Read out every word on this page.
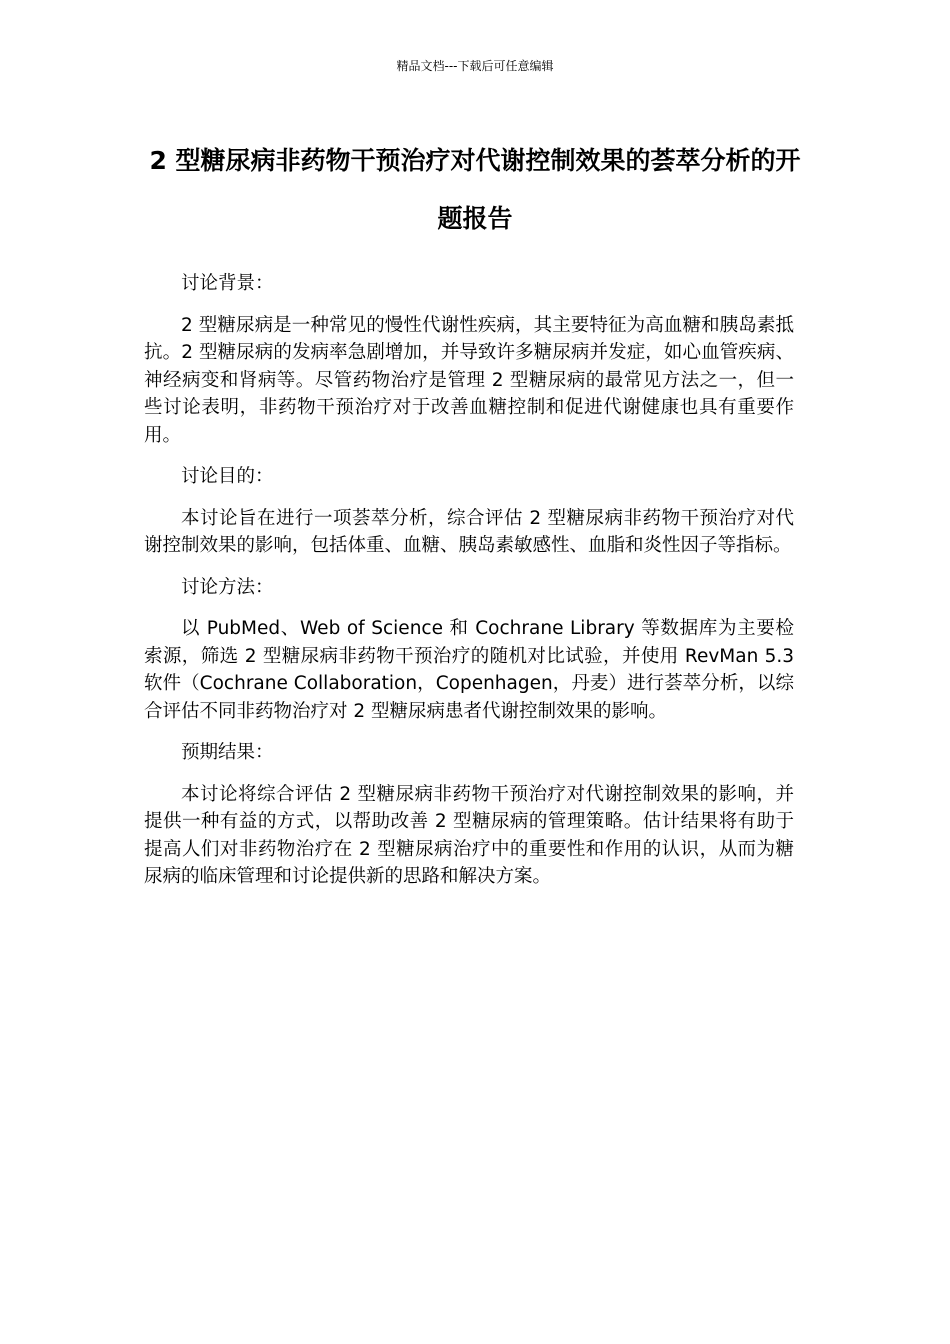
精品文档---下载后可任意编辑
2 型糖尿病非药物干预治疗对代谢控制效果的荟萃分析的开题报告

讨论背景：

2 型糖尿病是一种常见的慢性代谢性疾病，其主要特征为高血糖和胰岛素抵抗。2 型糖尿病的发病率急剧增加，并导致许多糖尿病并发症，如心血管疾病、神经病变和肾病等。尽管药物治疗是管理 2 型糖尿病的最常见方法之一，但一些讨论表明，非药物干预治疗对于改善血糖控制和促进代谢健康也具有重要作用。

讨论目的：

本讨论旨在进行一项荟萃分析，综合评估 2 型糖尿病非药物干预治疗对代谢控制效果的影响，包括体重、血糖、胰岛素敏感性、血脂和炎性因子等指标。

讨论方法：

以 PubMed、Web of Science 和 Cochrane Library 等数据库为主要检索源，筛选 2 型糖尿病非药物干预治疗的随机对比试验，并使用 RevMan 5.3 软件（Cochrane Collaboration，Copenhagen，丹麦）进行荟萃分析，以综合评估不同非药物治疗对 2 型糖尿病患者代谢控制效果的影响。

预期结果：

本讨论将综合评估 2 型糖尿病非药物干预治疗对代谢控制效果的影响，并提供一种有益的方式，以帮助改善 2 型糖尿病的管理策略。估计结果将有助于提高人们对非药物治疗在 2 型糖尿病治疗中的重要性和作用的认识，从而为糖尿病的临床管理和讨论提供新的思路和解决方案。
